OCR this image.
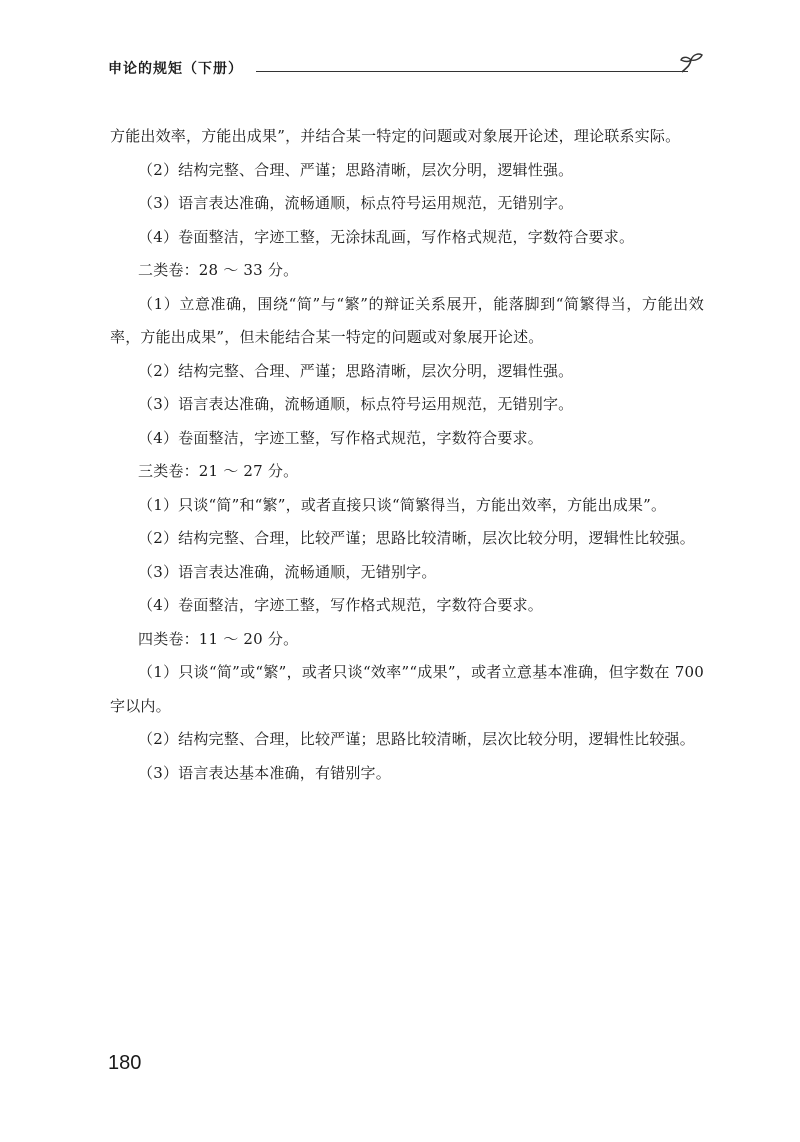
申论的规矩（下册）

方能出效率，方能出成果”，并结合某一特定的问题或对象展开论述，理论联系实际。

（2）结构完整、合理、严谨；思路清晰，层次分明，逻辑性强。

（3）语言表达准确，流畅通顺，标点符号运用规范，无错别字。

（4）卷面整洁，字迹工整，无涂抹乱画，写作格式规范，字数符合要求。

二类卷：28 ～ 33 分。

（1）立意准确，围绕“简”与“繁”的辩证关系展开，能落脚到“简繁得当，方能出效率，方能出成果”，但未能结合某一特定的问题或对象展开论述。

（2）结构完整、合理、严谨；思路清晰，层次分明，逻辑性强。

（3）语言表达准确，流畅通顺，标点符号运用规范，无错别字。

（4）卷面整洁，字迹工整，写作格式规范，字数符合要求。

三类卷：21 ～ 27 分。

（1）只谈“简”和“繁”，或者直接只谈“简繁得当，方能出效率，方能出成果”。

（2）结构完整、合理，比较严谨；思路比较清晰，层次比较分明，逻辑性比较强。

（3）语言表达准确，流畅通顺，无错别字。

（4）卷面整洁，字迹工整，写作格式规范，字数符合要求。

四类卷：11 ～ 20 分。

（1）只谈“简”或“繁”，或者只谈“效率”“成果”，或者立意基本准确，但字数在 700 字以内。

（2）结构完整、合理，比较严谨；思路比较清晰，层次比较分明，逻辑性比较强。

（3）语言表达基本准确，有错别字。

180
